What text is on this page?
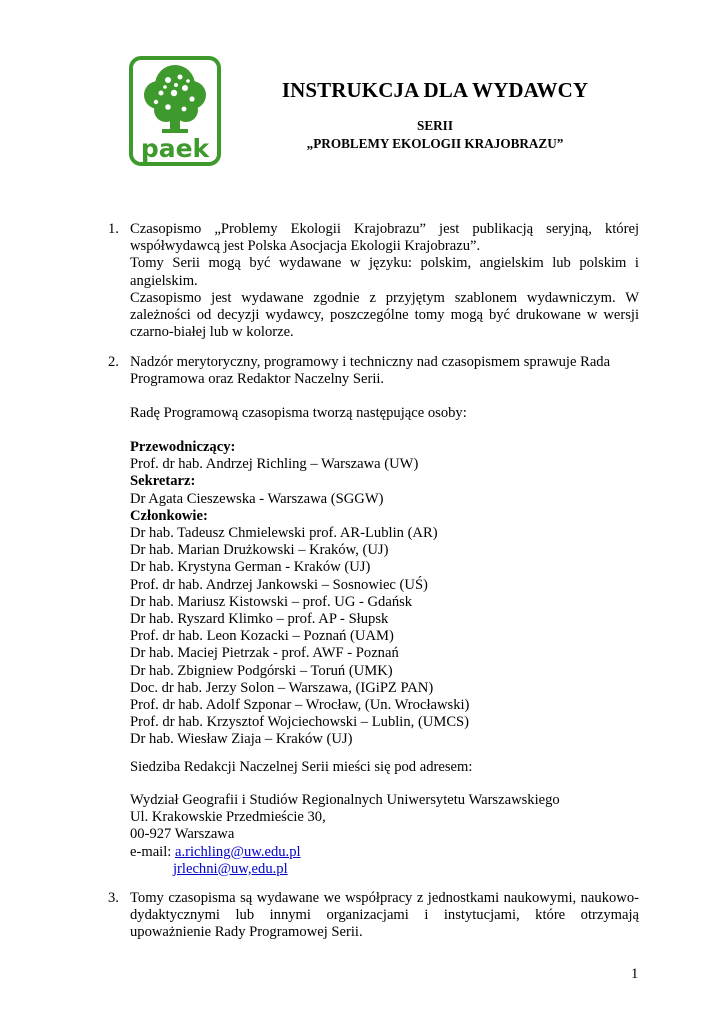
paek
INSTRUKCJA DLA WYDAWCY
SERII
„PROBLEMY EKOLOGII KRAJOBRAZU”
1. Czasopismo „Problemy Ekologii Krajobrazu” jest publikacją seryjną, której współwydawcą jest Polska Asocjacja Ekologii Krajobrazu”.

Tomy Serii mogą być wydawane w języku: polskim, angielskim lub polskim i angielskim.

Czasopismo jest wydawane zgodnie z przyjętym szablonem wydawniczym. W zależności od decyzji wydawcy, poszczególne tomy mogą być drukowane w wersji czarno-białej lub w kolorze.

2. Nadzór merytoryczny, programowy i techniczny nad czasopismem sprawuje Rada
Programowa oraz Redaktor Naczelny Serii.
Radę Programową czasopisma tworzą następujące osoby:
Przewodniczący:
Prof. dr hab. Andrzej Richling – Warszawa (UW)
Sekretarz:
Dr Agata Cieszewska - Warszawa (SGGW)
Członkowie:
Dr hab. Tadeusz Chmielewski prof. AR-Lublin (AR)
Dr hab. Marian Drużkowski – Kraków, (UJ)
Dr hab. Krystyna German - Kraków (UJ)
Prof. dr hab. Andrzej Jankowski – Sosnowiec (UŚ)
Dr hab. Mariusz Kistowski – prof. UG - Gdańsk
Dr hab. Ryszard Klimko – prof. AP - Słupsk
Prof. dr hab. Leon Kozacki – Poznań (UAM)
Dr hab. Maciej Pietrzak - prof. AWF - Poznań
Dr hab. Zbigniew Podgórski – Toruń (UMK)
Doc. dr hab. Jerzy Solon – Warszawa, (IGiPZ PAN)
Prof. dr hab. Adolf Szponar – Wrocław, (Un. Wrocławski)
Prof. dr hab. Krzysztof Wojciechowski – Lublin, (UMCS)
Dr hab. Wiesław Ziaja – Kraków (UJ)
Siedziba Redakcji Naczelnej Serii mieści się pod adresem:
Wydział Geografii i Studiów Regionalnych Uniwersytetu Warszawskiego
Ul. Krakowskie Przedmieście 30,
00-927 Warszawa
e-mail: a.richling@uw.edu.pl
jrlechni@uw,edu.pl
3. Tomy czasopisma są wydawane we współpracy z jednostkami naukowymi, naukowo-dydaktycznymi lub innymi organizacjami i instytucjami, które otrzymają upoważnienie Rady Programowej Serii.
1
